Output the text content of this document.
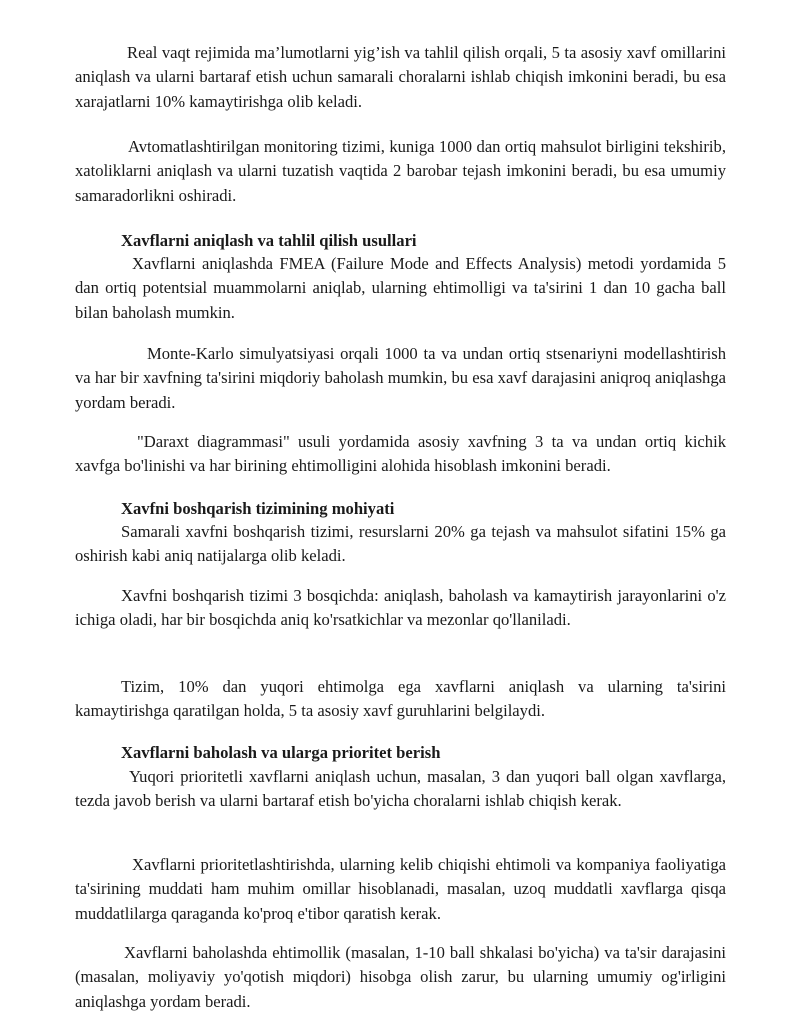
Real vaqt rejimida ma’lumotlarni yig’ish va tahlil qilish orqali, 5 ta asosiy xavf omillarini aniqlash va ularni bartaraf etish uchun samarali choralarni ishlab chiqish imkonini beradi, bu esa xarajatlarni 10% kamaytirishga olib keladi.

Avtomatlashtirilgan monitoring tizimi, kuniga 1000 dan ortiq mahsulot birligini tekshirib, xatoliklarni aniqlash va ularni tuzatish vaqtida 2 barobar tejash imkonini beradi, bu esa umumiy samaradorlikni oshiradi.

Xavflarni aniqlash va tahlil qilish usullari

Xavflarni aniqlashda FMEA (Failure Mode and Effects Analysis) metodi yordamida 5 dan ortiq potentsial muammolarni aniqlab, ularning ehtimolligi va ta'sirini 1 dan 10 gacha ball bilan baholash mumkin.

Monte-Karlo simulyatsiyasi orqali 1000 ta va undan ortiq stsenariyni modellashtirish va har bir xavfning ta'sirini miqdoriy baholash mumkin, bu esa xavf darajasini aniqroq aniqlashga yordam beradi.

"Daraxt diagrammasi" usuli yordamida asosiy xavfning 3 ta va undan ortiq kichik xavfga bo'linishi va har birining ehtimolligini alohida hisoblash imkonini beradi.

Xavfni boshqarish tizimining mohiyati

Samarali xavfni boshqarish tizimi, resurslarni 20% ga tejash va mahsulot sifatini 15% ga oshirish kabi aniq natijalarga olib keladi.

Xavfni boshqarish tizimi 3 bosqichda: aniqlash, baholash va kamaytirish jarayonlarini o'z ichiga oladi, har bir bosqichda aniq ko'rsatkichlar va mezonlar qo'llaniladi.

Tizim, 10% dan yuqori ehtimolga ega xavflarni aniqlash va ularning ta'sirini kamaytirishga qaratilgan holda, 5 ta asosiy xavf guruhlarini belgilaydi.

Xavflarni baholash va ularga prioritet berish

Yuqori prioritetli xavflarni aniqlash uchun, masalan, 3 dan yuqori ball olgan xavflarga, tezda javob berish va ularni bartaraf etish bo'yicha choralarni ishlab chiqish kerak.

Xavflarni prioritetlashtirishda, ularning kelib chiqishi ehtimoli va kompaniya faoliyatiga ta'sirining muddati ham muhim omillar hisoblanadi, masalan, uzoq muddatli xavflarga qisqa muddatlilarga qaraganda ko'proq e'tibor qaratish kerak.

Xavflarni baholashda ehtimollik (masalan, 1-10 ball shkalasi bo'yicha) va ta'sir darajasini (masalan, moliyaviy yo'qotish miqdori) hisobga olish zarur, bu ularning umumiy og'irligini aniqlashga yordam beradi.
